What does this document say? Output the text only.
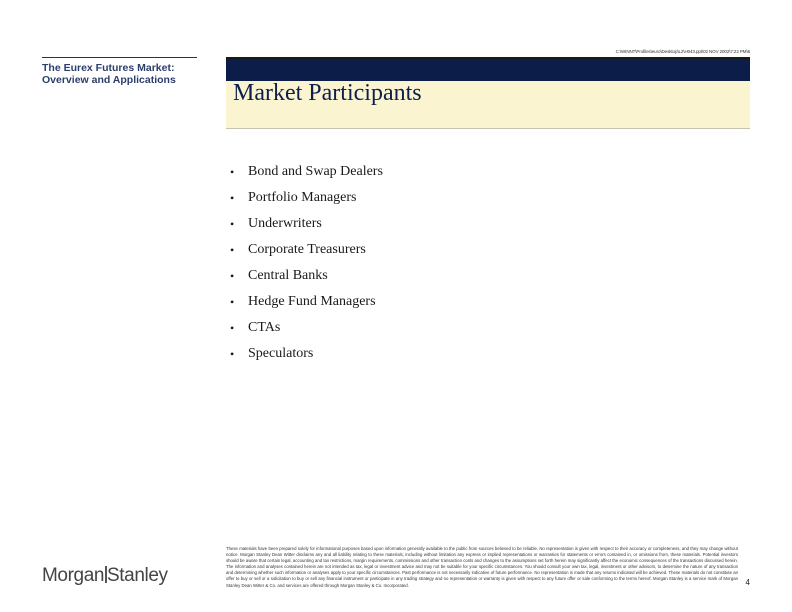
C:\WINNT\Profiles\euro\Desktop\L2\H043.ppt\02 NOV 2002\7:22 PM\6
The Eurex Futures Market: Overview and Applications	Market Participants
• Bond and Swap Dealers
• Portfolio Managers
• Underwriters
• Corporate Treasurers
• Central Banks
• Hedge Fund Managers
• CTAs
• Speculators
These materials have been prepared solely for informational purposes based upon information generally available to the public from sources believed to be reliable. No representation is given with respect to their accuracy or completeness, and they may change without notice. Morgan Stanley Dean Witter disclaims any and all liability relating to these materials, including without limitation any express or implied representations or warranties for statements or errors contained in, or omissions from, these materials. Potential investors should be aware that certain legal, accounting and tax restrictions, margin requirements, commissions and other transaction costs and changes to the assumptions set forth herein may significantly affect the economic consequences of the transactions discussed herein. The information and analyses contained herein are not intended as tax, legal or investment advice and may not be suitable for your specific circumstances. You should consult your own tax, legal, investment or other advisors, to determine the nature of any transaction and determining whether such information or analyses apply to your specific circumstances. Past performance is not necessarily indicative of future performance. No representation is made that any returns indicated will be achieved. These materials do not constitute an offer to buy or sell or a solicitation to buy or sell any financial instrument or participate in any trading strategy and no representation or warranty is given with respect to any future offer or sale conforming to the terms hereof. Morgan Stanley is a service mark of Morgan Stanley Dean Witter & Co. and services are offered through Morgan Stanley & Co. Incorporated.
Morgan Stanley	4
